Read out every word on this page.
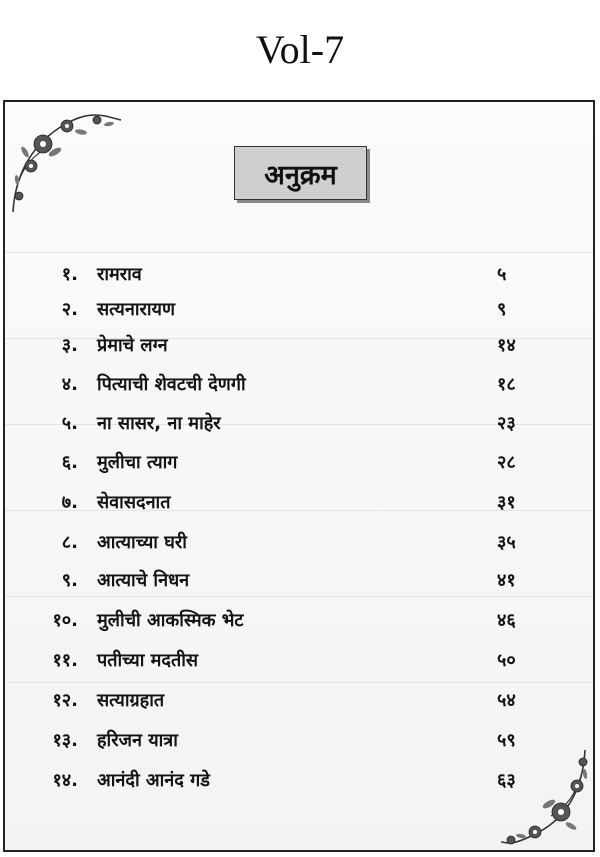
Vol-7
अनुक्रम
१. रामराव	५
२. सत्यनारायण	९
३. प्रेमाचे लग्न	१४
४. पित्याची शेवटची देणगी	१८
५. ना सासर, ना माहेर	२३
६. मुलीचा त्याग	२८
७. सेवासदनात	३१
८. आत्याच्या घरी	३५
९. आत्याचे निधन	४१
१०. मुलीची आकस्मिक भेट	४६
११. पतीच्या मदतीस	५०
१२. सत्याग्रहात	५४
१३. हरिजन यात्रा	५९
१४. आनंदी आनंद गडे	६३
